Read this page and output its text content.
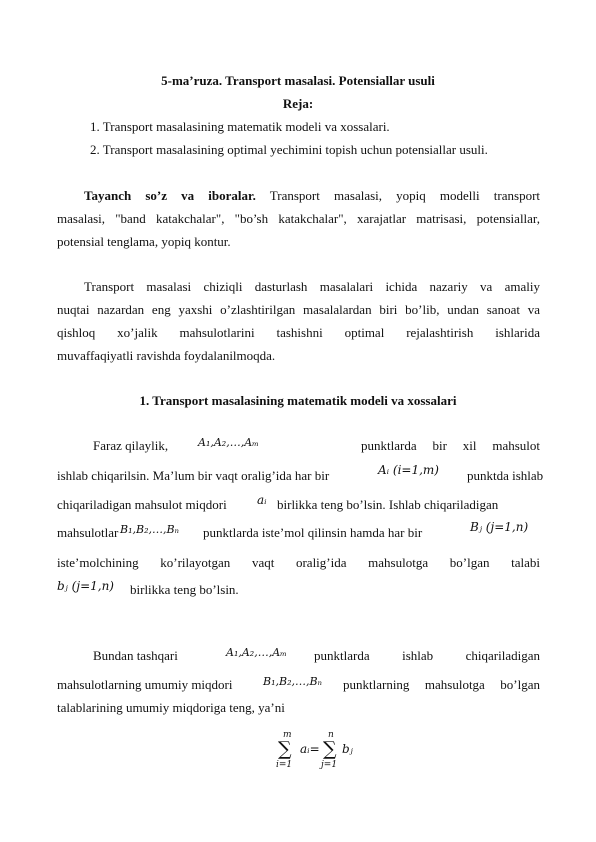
5-ma’ruza. Transport masalasi. Potensiallar usuli
Reja:
1. Transport masalasining matematik modeli va xossalari.
2. Transport masalasining optimal yechimini topish uchun potensiallar usuli.
Tayanch so’z va iboralar. Transport masalasi, yopiq modelli transport
masalasi, "band katakchalar", "bo’sh katakchalar", xarajatlar matrisasi, potensiallar,
potensial tenglama, yopiq kontur.
Transport masalasi chiziqli dasturlash masalalari ichida nazariy va amaliy
nuqtai nazardan eng yaxshi o’zlashtirilgan masalalardan biri bo’lib, undan sanoat va
qishloq xo’jalik mahsulotlarini tashishni optimal rejalashtirish ishlarida
muvaffaqiyatli ravishda foydalanilmoqda.
1. Transport masalasining matematik modeli va xossalari
Faraz qilaylik,	A₁,A₂,…,Aₘ	punktlarda bir xil mahsulot
ishlab chiqarilsin. Ma’lum bir vaqt oralig’ida har bir	Aᵢ (i=1,m) punktda ishlab
chiqariladigan mahsulot miqdori	aᵢ birlikka teng bo’lsin. Ishlab chiqariladigan
mahsulotlar B₁,B₂,…,Bₙ punktlarda iste’mol qilinsin hamda har bir	Bⱼ (j=1,n)
iste’molchining ko’rilayotgan vaqt oralig’ida mahsulotga bo’lgan talabi
bⱼ (j=1,n) birlikka teng bo’lsin.
Bundan tashqari	A₁,A₂,…,Aₘ punktlarda ishlab chiqariladigan
mahsulotlarning umumiy miqdori	B₁,B₂,…,Bₙ punktlarning mahsulotga bo’lgan
talablarining umumiy miqdoriga teng, ya’ni
m
∑
i=1
aᵢ=
n
∑
j=1
bⱼ
